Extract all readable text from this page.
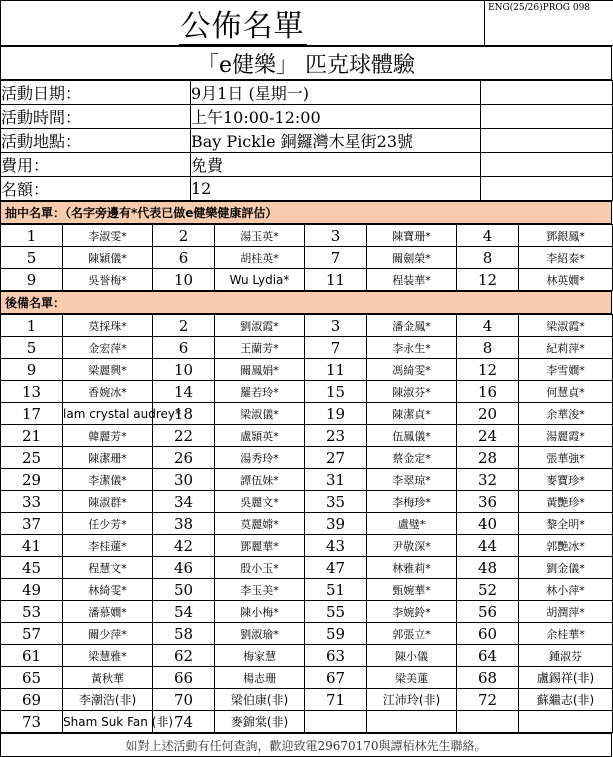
公佈名單	ENG(25/26)PROG 098
「e健樂」 匹克球體驗
活動日期：	9月1日 (星期一)	
活動時間：	上午10:00-12:00	
活動地點：	Bay Pickle 銅鑼灣木星街23號	
費用：	免費	
名額：	12	
抽中名單：（名字旁邊有*代表已做e健樂健康評估）
1	李淑雯*	2	湯玉英*	3	陳寶珊*	4	鄧銀鳳*
5	陳穎儀*	6	胡桂英*	7	關劍榮*	8	李紹泰*
9	吳誉梅*	10	Wu Lydia*	11	程装華*	12	林英嫺*
後備名單：
1	莫採珠*	2	劉淑霞*	3	潘金鳳*	4	梁淑霞*
5	金宏萍*	6	王蘭芳*	7	李永生*	8	紀莉萍*
9	梁麗興*	10	關鳳娟*	11	馮綺雯*	12	李雪嫺*
13	香婉冰*	14	羅若玲*	15	陳淑芬*	16	何慧貞*
17	lam crystal audrey*	18	梁淑儀*	19	陳潔貞*	20	余華浚*
21	韓麗芳*	22	盧頴英*	23	伍鳳儀*	24	湯麗霞*
25	陳潔珊*	26	湯秀玲*	27	蔡金定*	28	張華強*
29	李潔儀*	30	譚伍妹*	31	李翠琼*	32	麥寶珍*
33	陳淑群*	34	吳麗文*	35	李梅珍*	36	黃艷珍*
37	任少芳*	38	莫麗嫦*	39	盧璧*	40	黎全明*
41	李桂蓮*	42	鄧麗華*	43	尹敬深*	44	郭艷冰*
45	程慧文*	46	殷小玉*	47	林雅莉*	48	劉金儀*
49	林綺雯*	50	李玉美*	51	甄婉華*	52	林小萍*
53	潘慕嫺*	54	陳小梅*	55	李婉鈴*	56	胡潤萍*
57	關少萍*	58	劉淑瑜*	59	郭張立*	60	余桂華*
61	梁慧雅*	62	梅家慧	63	陳小儀	64	鍾淑芬
65	黃秋華	66	楊志珊	67	梁美蓮	68	盧錫祥(非)
69	李潮浩(非)	70	梁伯康(非)	71	江沛玲(非)	72	蘇繼志(非)
73	Sham Suk Fan (非)	74	麥錦棠(非)				
如對上述活動有任何查詢，歡迎致電29670170與譚栢林先生聯絡。
